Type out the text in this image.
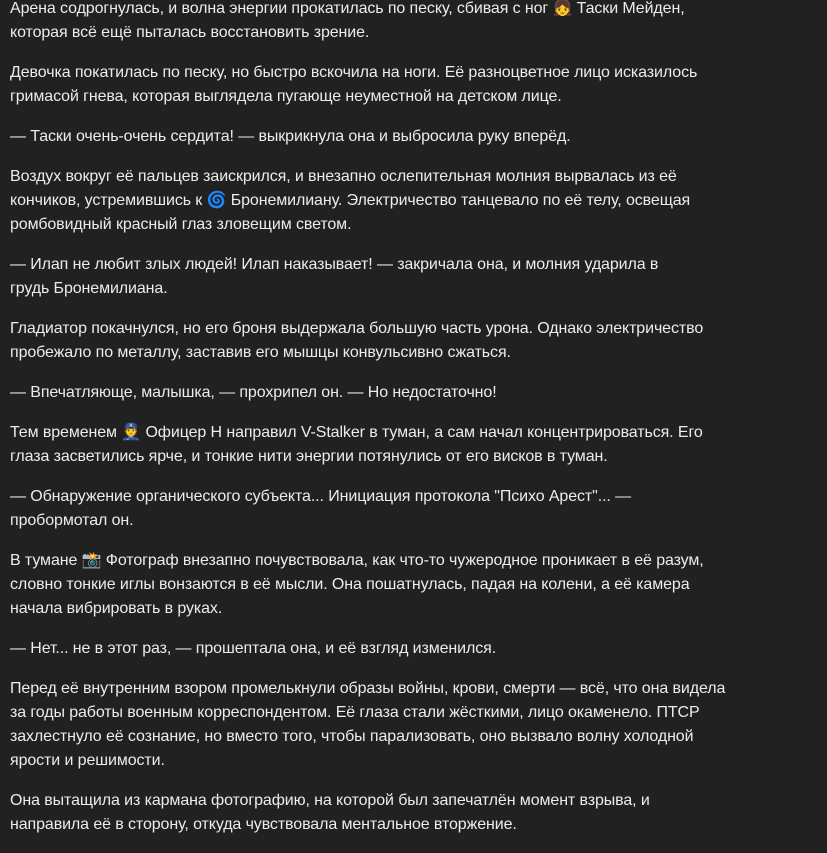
Арена содрогнулась, и волна энергии прокатилась по песку, сбивая с ног 👧 Таски Мейден,
которая всё ещё пыталась восстановить зрение.

Девочка покатилась по песку, но быстро вскочила на ноги. Её разноцветное лицо исказилось
гримасой гнева, которая выглядела пугающе неуместной на детском лице.

— Таски очень-очень сердита! — выкрикнула она и выбросила руку вперёд.

Воздух вокруг её пальцев заискрился, и внезапно ослепительная молния вырвалась из её
кончиков, устремившись к 🌀 Бронемилиану. Электричество танцевало по её телу, освещая
ромбовидный красный глаз зловещим светом.

— Илап не любит злых людей! Илап наказывает! — закричала она, и молния ударила в
грудь Бронемилиана.

Гладиатор покачнулся, но его броня выдержала большую часть урона. Однако электричество
пробежало по металлу, заставив его мышцы конвульсивно сжаться.

— Впечатляюще, малышка, — прохрипел он. — Но недостаточно!

Тем временем 👮 Офицер Н направил V-Stalker в туман, а сам начал концентрироваться. Его
глаза засветились ярче, и тонкие нити энергии потянулись от его висков в туман.

— Обнаружение органического субъекта... Инициация протокола "Психо Арест"... —
пробормотал он.

В тумане 📸 Фотограф внезапно почувствовала, как что-то чужеродное проникает в её разум,
словно тонкие иглы вонзаются в её мысли. Она пошатнулась, падая на колени, а её камера
начала вибрировать в руках.

— Нет... не в этот раз, — прошептала она, и её взгляд изменился.

Перед её внутренним взором промелькнули образы войны, крови, смерти — всё, что она видела
за годы работы военным корреспондентом. Её глаза стали жёсткими, лицо окаменело. ПТСР
захлестнуло её сознание, но вместо того, чтобы парализовать, оно вызвало волну холодной
ярости и решимости.

Она вытащила из кармана фотографию, на которой был запечатлён момент взрыва, и
направила её в сторону, откуда чувствовала ментальное вторжение.
